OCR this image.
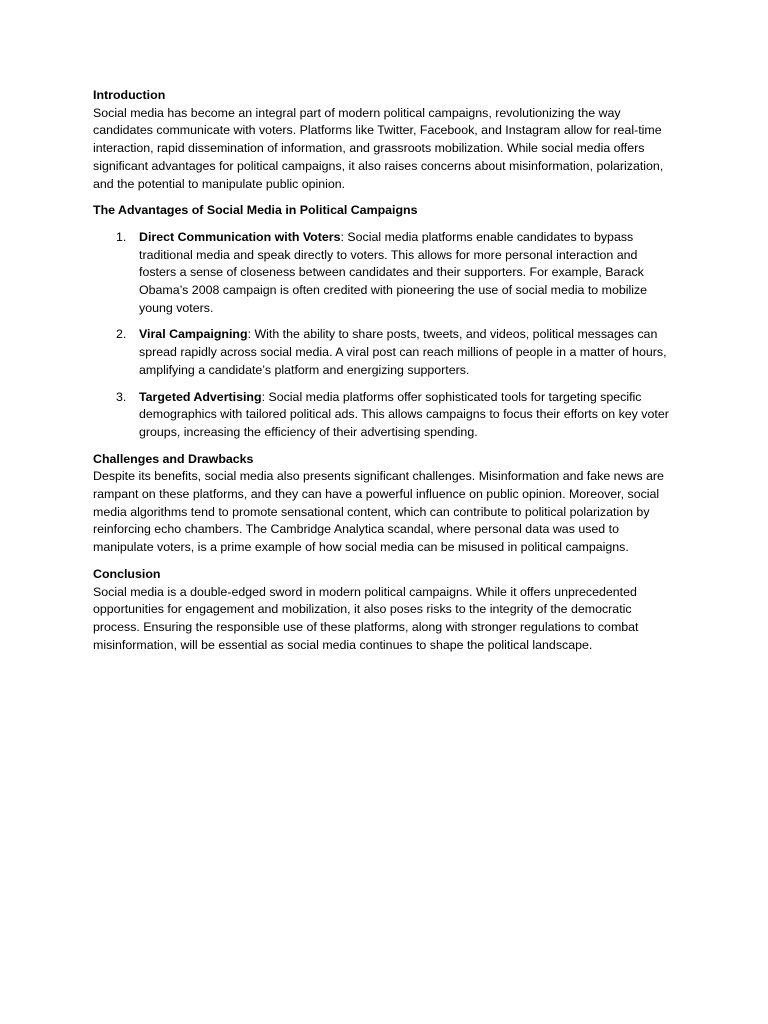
Introduction

Social media has become an integral part of modern political campaigns, revolutionizing the way candidates communicate with voters. Platforms like Twitter, Facebook, and Instagram allow for real-time interaction, rapid dissemination of information, and grassroots mobilization. While social media offers significant advantages for political campaigns, it also raises concerns about misinformation, polarization, and the potential to manipulate public opinion.

The Advantages of Social Media in Political Campaigns

1. Direct Communication with Voters: Social media platforms enable candidates to bypass traditional media and speak directly to voters. This allows for more personal interaction and fosters a sense of closeness between candidates and their supporters. For example, Barack Obama’s 2008 campaign is often credited with pioneering the use of social media to mobilize young voters.
2. Viral Campaigning: With the ability to share posts, tweets, and videos, political messages can spread rapidly across social media. A viral post can reach millions of people in a matter of hours, amplifying a candidate’s platform and energizing supporters.
3. Targeted Advertising: Social media platforms offer sophisticated tools for targeting specific demographics with tailored political ads. This allows campaigns to focus their efforts on key voter groups, increasing the efficiency of their advertising spending.

Challenges and Drawbacks

Despite its benefits, social media also presents significant challenges. Misinformation and fake news are rampant on these platforms, and they can have a powerful influence on public opinion. Moreover, social media algorithms tend to promote sensational content, which can contribute to political polarization by reinforcing echo chambers. The Cambridge Analytica scandal, where personal data was used to manipulate voters, is a prime example of how social media can be misused in political campaigns.

Conclusion

Social media is a double-edged sword in modern political campaigns. While it offers unprecedented opportunities for engagement and mobilization, it also poses risks to the integrity of the democratic process. Ensuring the responsible use of these platforms, along with stronger regulations to combat misinformation, will be essential as social media continues to shape the political landscape.
